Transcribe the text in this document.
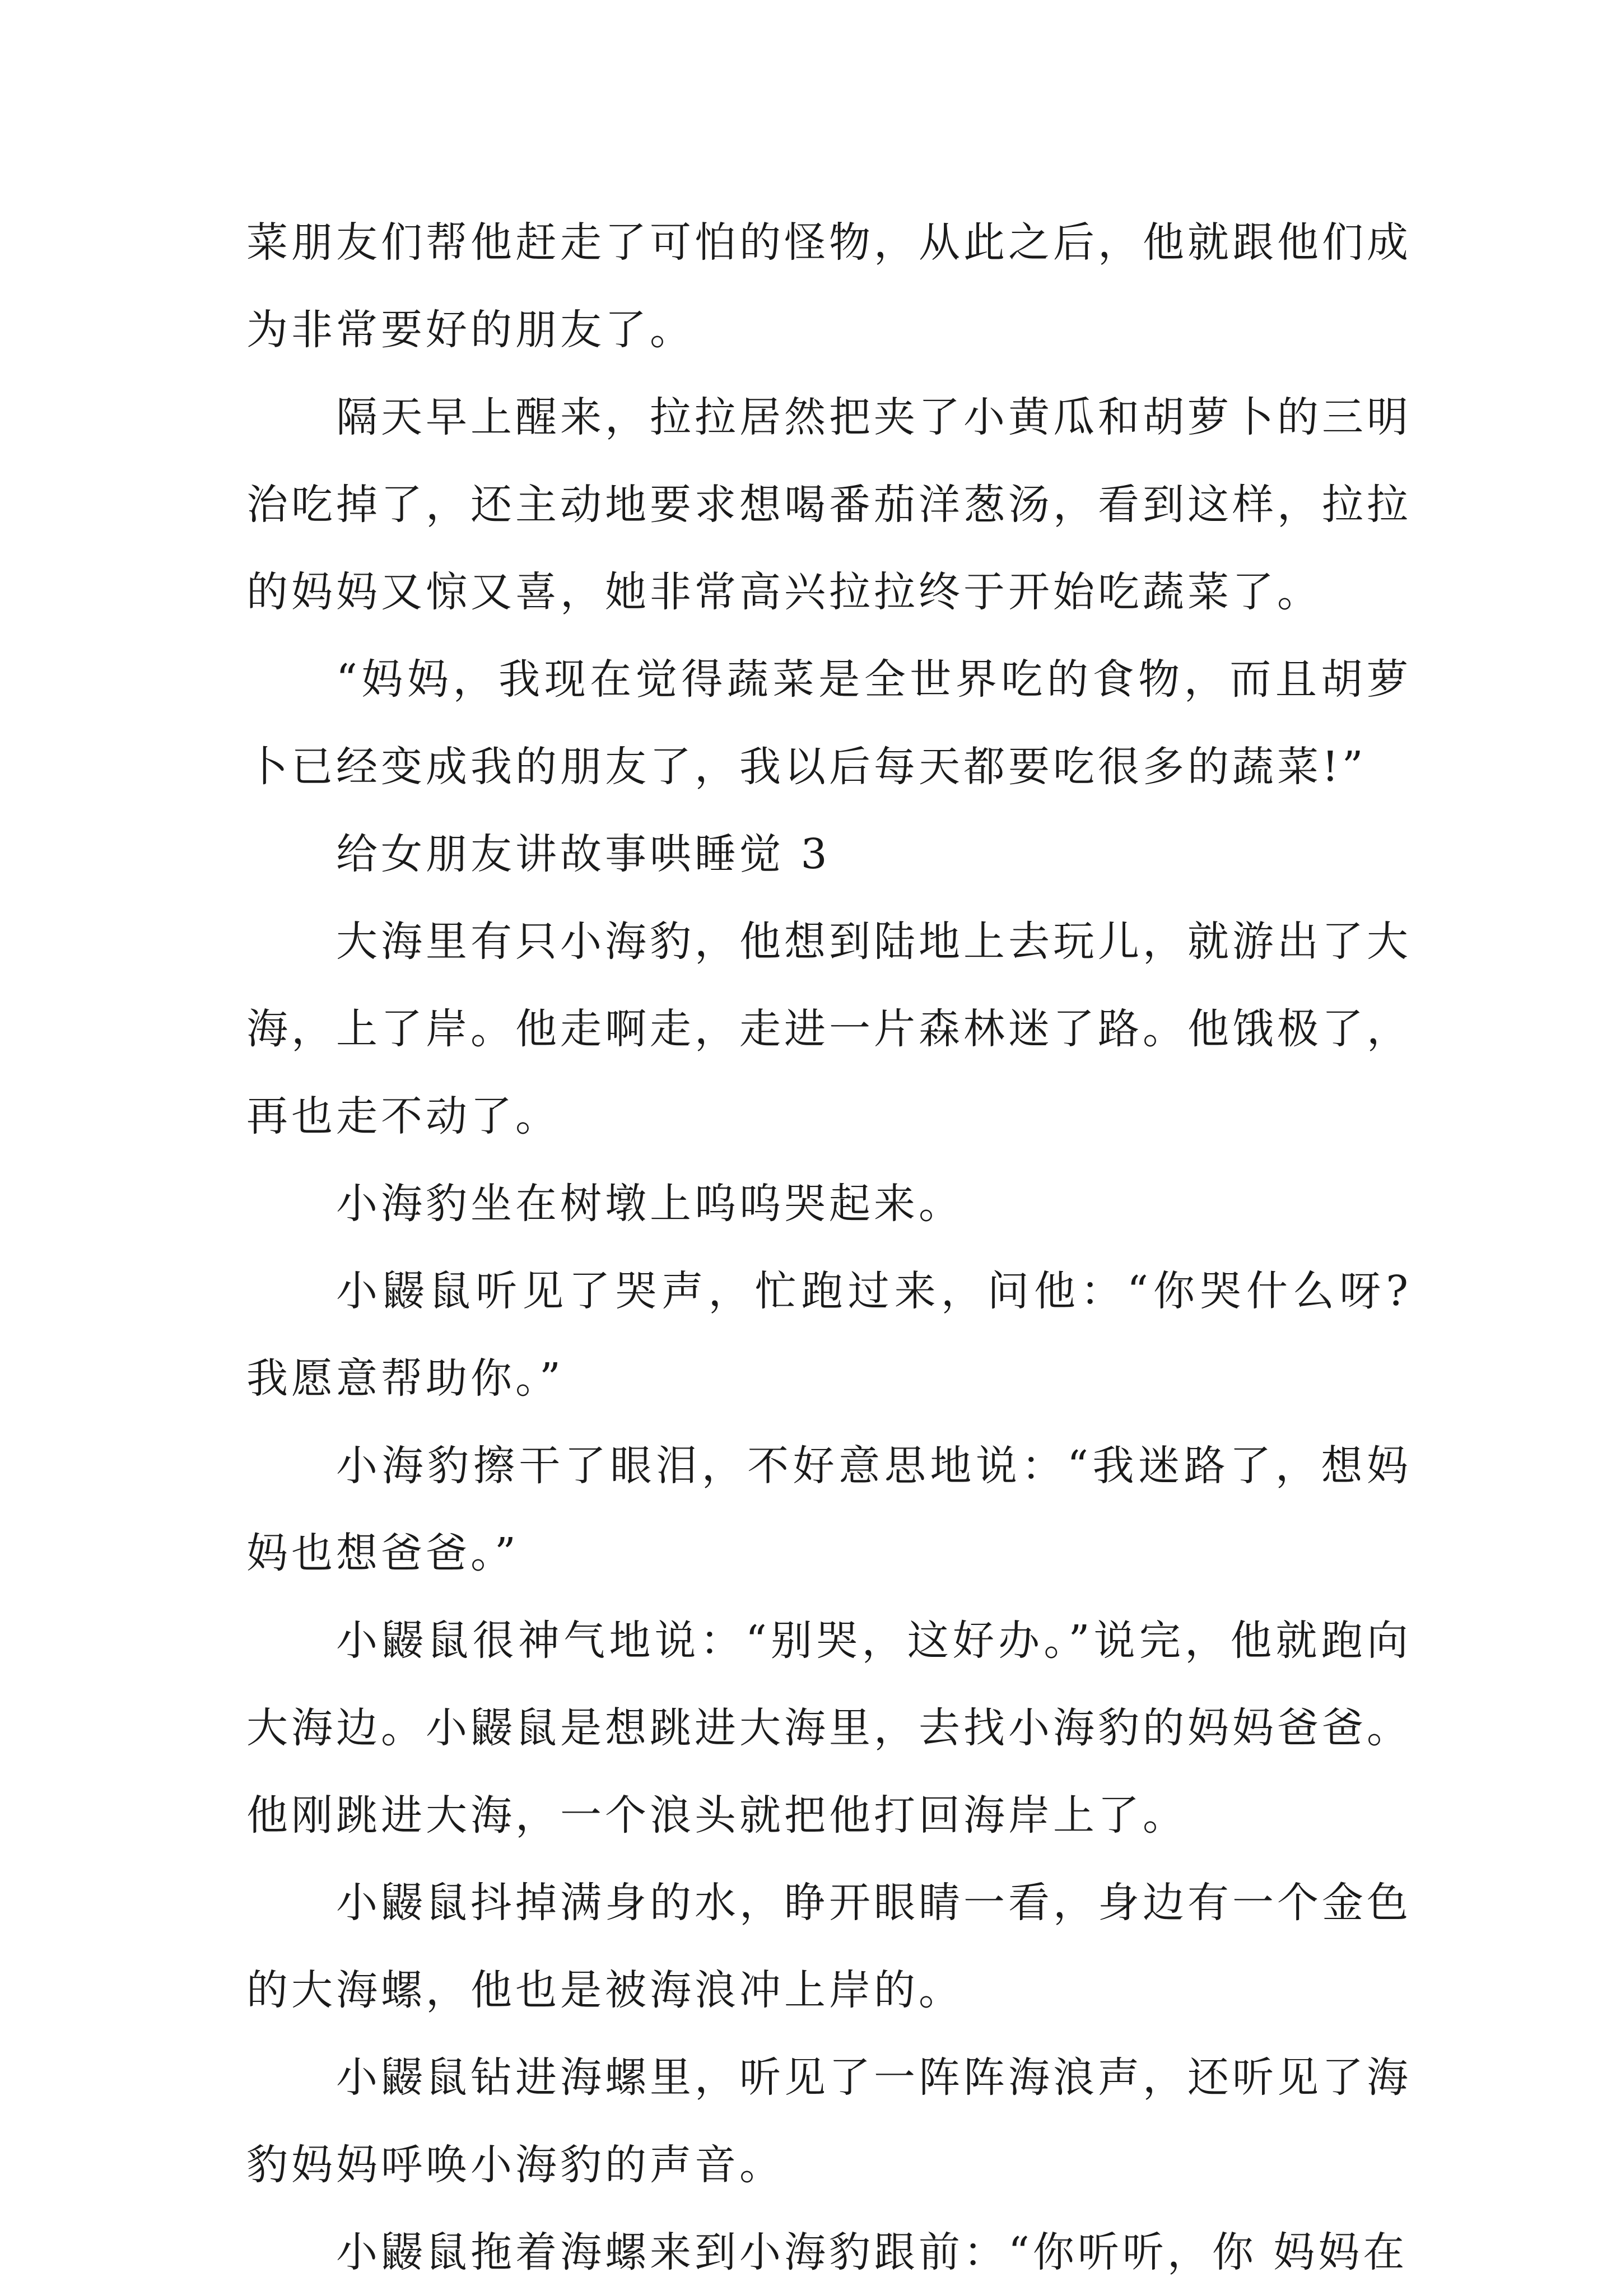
菜朋友们帮他赶走了可怕的怪物，从此之后，他就跟他们成为非常要好的朋友了。

隔天早上醒来，拉拉居然把夹了小黄瓜和胡萝卜的三明治吃掉了，还主动地要求想喝番茄洋葱汤，看到这样，拉拉的妈妈又惊又喜，她非常高兴拉拉终于开始吃蔬菜了。

“妈妈，我现在觉得蔬菜是全世界吃的食物，而且胡萝卜已经变成我的朋友了，我以后每天都要吃很多的蔬菜!”

给女朋友讲故事哄睡觉 3

大海里有只小海豹，他想到陆地上去玩儿，就游出了大海，上了岸。他走啊走，走进一片森林迷了路。他饿极了，再也走不动了。

小海豹坐在树墩上呜呜哭起来。

小鼹鼠听见了哭声，忙跑过来，问他：“你哭什么呀?我愿意帮助你。”

小海豹擦干了眼泪，不好意思地说：“我迷路了，想妈妈也想爸爸。”

小鼹鼠很神气地说：“别哭，这好办。”说完，他就跑向大海边。小鼹鼠是想跳进大海里，去找小海豹的妈妈爸爸。他刚跳进大海，一个浪头就把他打回海岸上了。

小鼹鼠抖掉满身的水，睁开眼睛一看，身边有一个金色的大海螺，他也是被海浪冲上岸的。

小鼹鼠钻进海螺里，听见了一阵阵海浪声，还听见了海豹妈妈呼唤小海豹的声音。

小鼹鼠拖着海螺来到小海豹跟前：“你听听，你 妈妈在
